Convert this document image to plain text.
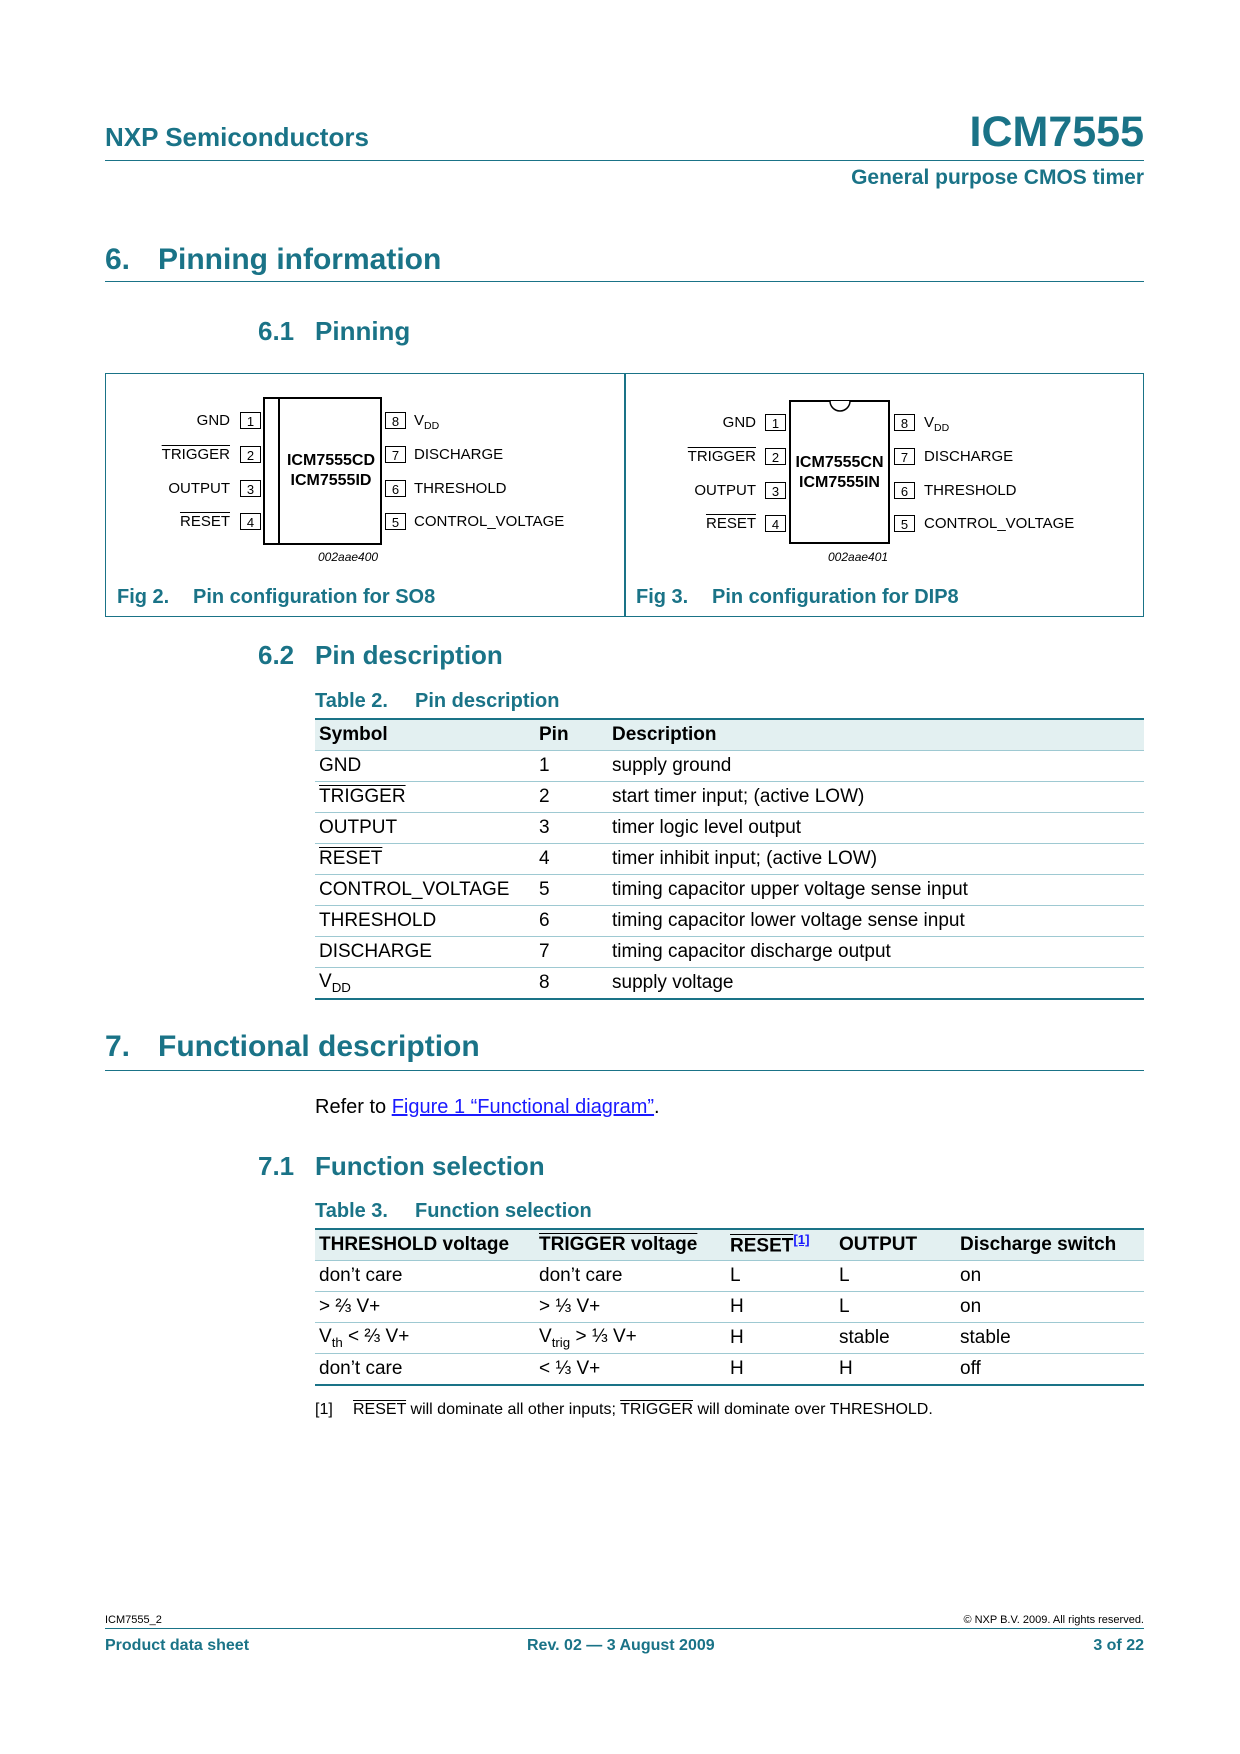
NXP Semiconductors	ICM7555
General purpose CMOS timer
6. Pinning information
6.1 Pinning
ICM7555CD
ICM7555ID
1
2
3
4
GND
TRIGGER
OUTPUT
RESET
8
7
6
5
$V_{DD}$
DISCHARGE
THRESHOLD
CONTROL_VOLTAGE
002aae400
Fig 2. Pin configuration for SO8
ICM7555CN
ICM7555IN
1
2
3
4
GND
TRIGGER
OUTPUT
RESET
8
7
6
5
$V_{DD}$
DISCHARGE
THRESHOLD
CONTROL_VOLTAGE
002aae401
Fig 3. Pin configuration for DIP8
6.2 Pin description
Table 2. Pin description
Symbol	Pin	Description
GND	1	supply ground
TRIGGER	2	start timer input; (active LOW)
OUTPUT	3	timer logic level output
RESET	4	timer inhibit input; (active LOW)
CONTROL_VOLTAGE	5	timing capacitor upper voltage sense input
THRESHOLD	6	timing capacitor lower voltage sense input
DISCHARGE	7	timing capacitor discharge output
$V_{DD}$	8	supply voltage
7. Functional description
Refer to Figure 1 “Functional diagram”.
7.1 Function selection
Table 3. Function selection
THRESHOLD voltage	TRIGGER voltage	RESET[1]	OUTPUT	Discharge switch
don’t care	don’t care	L	L	on
> ⅔ V+	> ⅓ V+	H	L	on
$V_{th}$ < ⅔ V+	$V_{trig}$ > ⅓ V+	H	stable	stable
don’t care	< ⅓ V+	H	H	off
[1] RESET will dominate all other inputs; TRIGGER will dominate over THRESHOLD.
ICM7555_2	© NXP B.V. 2009. All rights reserved.
Product data sheet	Rev. 02 — 3 August 2009	3 of 22
